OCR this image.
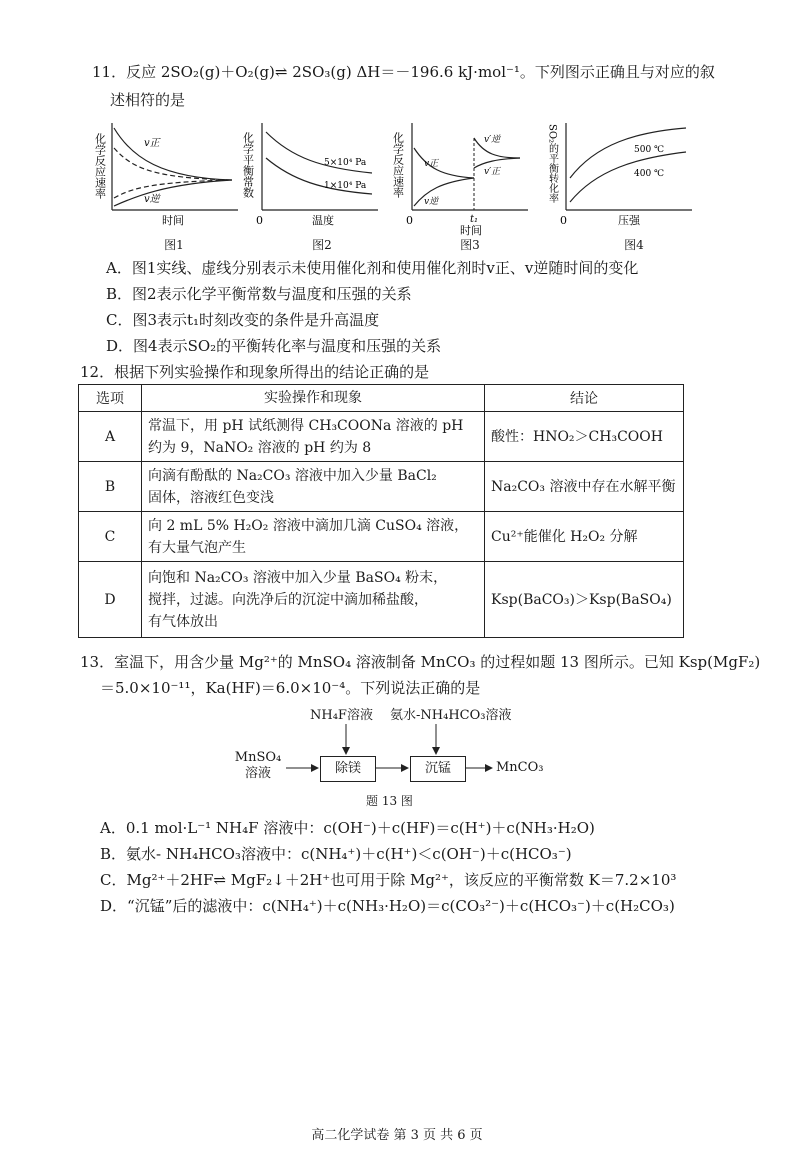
11．反应 2SO₂(g)＋O₂(g)⇌ 2SO₃(g) ΔH＝－196.6 kJ·mol⁻¹。下列图示正确且与对应的叙
述相符的是
v正
v逆
化学反应速率
时间
图1
5×10⁴ Pa
1×10⁴ Pa
化学平衡常数
0	温度
图2
v正
v逆
v′逆
v′正
化学反应速率
0	t₁
时间
图3
500 ℃
400 ℃
SO₂的平衡转化率
0	压强
图4
A．图1实线、虚线分别表示未使用催化剂和使用催化剂时v正、v逆随时间的变化
B．图2表示化学平衡常数与温度和压强的关系
C．图3表示t₁时刻改变的条件是升高温度
D．图4表示SO₂的平衡转化率与温度和压强的关系
12．根据下列实验操作和现象所得出的结论正确的是
选项	实验操作和现象	结论
A	常温下，用 pH 试纸测得 CH₃COONa 溶液的 pH
约为 9，NaNO₂ 溶液的 pH 约为 8	酸性：HNO₂＞CH₃COOH
B	向滴有酚酞的 Na₂CO₃ 溶液中加入少量 BaCl₂
固体，溶液红色变浅	Na₂CO₃ 溶液中存在水解平衡
C	向 2 mL 5% H₂O₂ 溶液中滴加几滴 CuSO₄ 溶液，
有大量气泡产生	Cu²⁺能催化 H₂O₂ 分解
D	向饱和 Na₂CO₃ 溶液中加入少量 BaSO₄ 粉末，
搅拌，过滤。向洗净后的沉淀中滴加稀盐酸，
有气体放出	Ksp(BaCO₃)＞Ksp(BaSO₄)
13．室温下，用含少量 Mg²⁺的 MnSO₄ 溶液制备 MnCO₃ 的过程如题 13 图所示。已知 Ksp(MgF₂)
＝5.0×10⁻¹¹，Ka(HF)＝6.0×10⁻⁴。下列说法正确的是
NH₄F溶液 氨水-NH₄HCO₃溶液
MnSO₄
溶液	除镁	沉锰	MnCO₃
题 13 图
A．0.1 mol·L⁻¹ NH₄F 溶液中：c(OH⁻)＋c(HF)＝c(H⁺)＋c(NH₃·H₂O)
B．氨水- NH₄HCO₃溶液中：c(NH₄⁺)＋c(H⁺)＜c(OH⁻)＋c(HCO₃⁻)
C．Mg²⁺＋2HF⇌ MgF₂↓＋2H⁺也可用于除 Mg²⁺，该反应的平衡常数 K＝7.2×10³
D．“沉锰”后的滤液中：c(NH₄⁺)＋c(NH₃·H₂O)＝c(CO₃²⁻)＋c(HCO₃⁻)＋c(H₂CO₃)
高二化学试卷 第 3 页 共 6 页
